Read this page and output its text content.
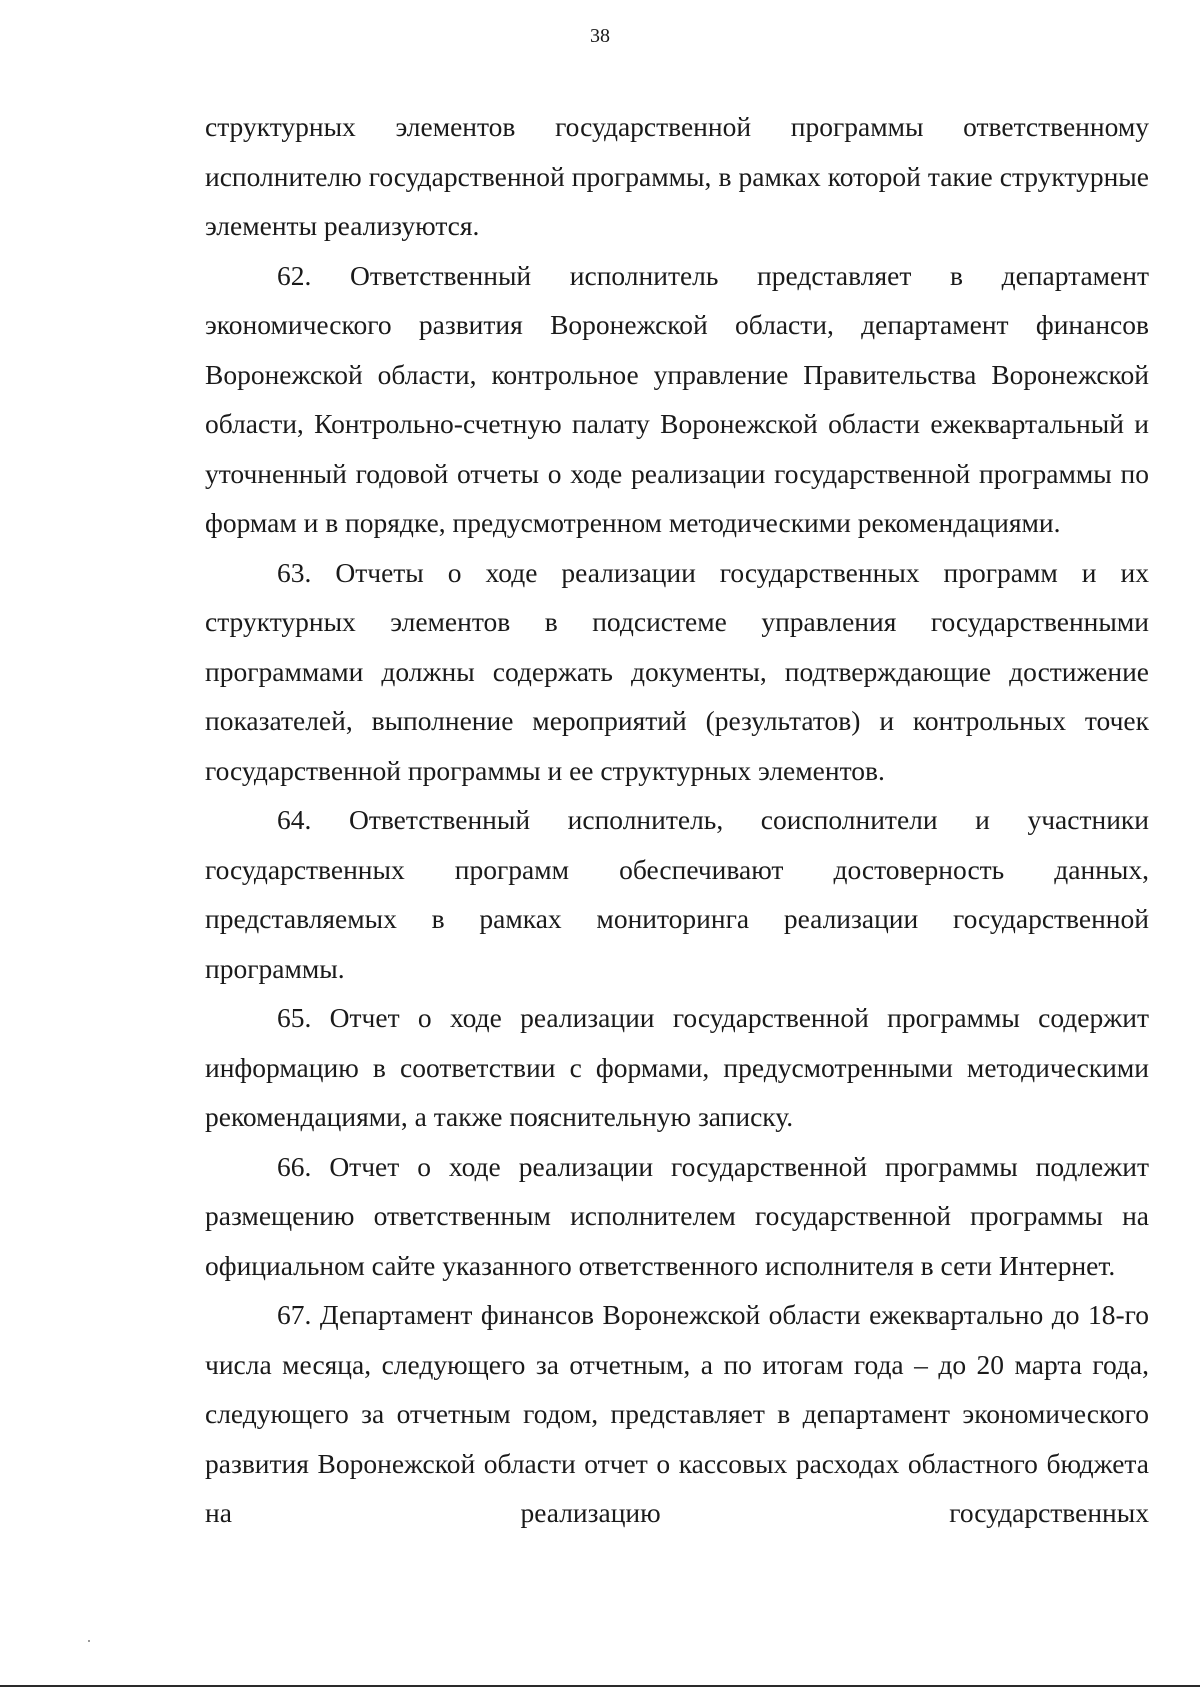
38

структурных элементов государственной программы ответственному исполнителю государственной программы, в рамках которой такие структурные элементы реализуются.

62. Ответственный исполнитель представляет в департамент экономического развития Воронежской области, департамент финансов Воронежской области, контрольное управление Правительства Воронежской области, Контрольно-счетную палату Воронежской области ежеквартальный и уточненный годовой отчеты о ходе реализации государственной программы по формам и в порядке, предусмотренном методическими рекомендациями.

63. Отчеты о ходе реализации государственных программ и их структурных элементов в подсистеме управления государственными программами должны содержать документы, подтверждающие достижение показателей, выполнение мероприятий (результатов) и контрольных точек государственной программы и ее структурных элементов.

64. Ответственный исполнитель, соисполнители и участники государственных программ обеспечивают достоверность данных, представляемых в рамках мониторинга реализации государственной программы.

65. Отчет о ходе реализации государственной программы содержит информацию в соответствии с формами, предусмотренными методическими рекомендациями, а также пояснительную записку.

66. Отчет о ходе реализации государственной программы подлежит размещению ответственным исполнителем государственной программы на официальном сайте указанного ответственного исполнителя в сети Интернет.

67. Департамент финансов Воронежской области ежеквартально до 18-го числа месяца, следующего за отчетным, а по итогам года – до 20 марта года, следующего за отчетным годом, представляет в департамент экономического развития Воронежской области отчет о кассовых расходах областного бюджета на реализацию государственных
